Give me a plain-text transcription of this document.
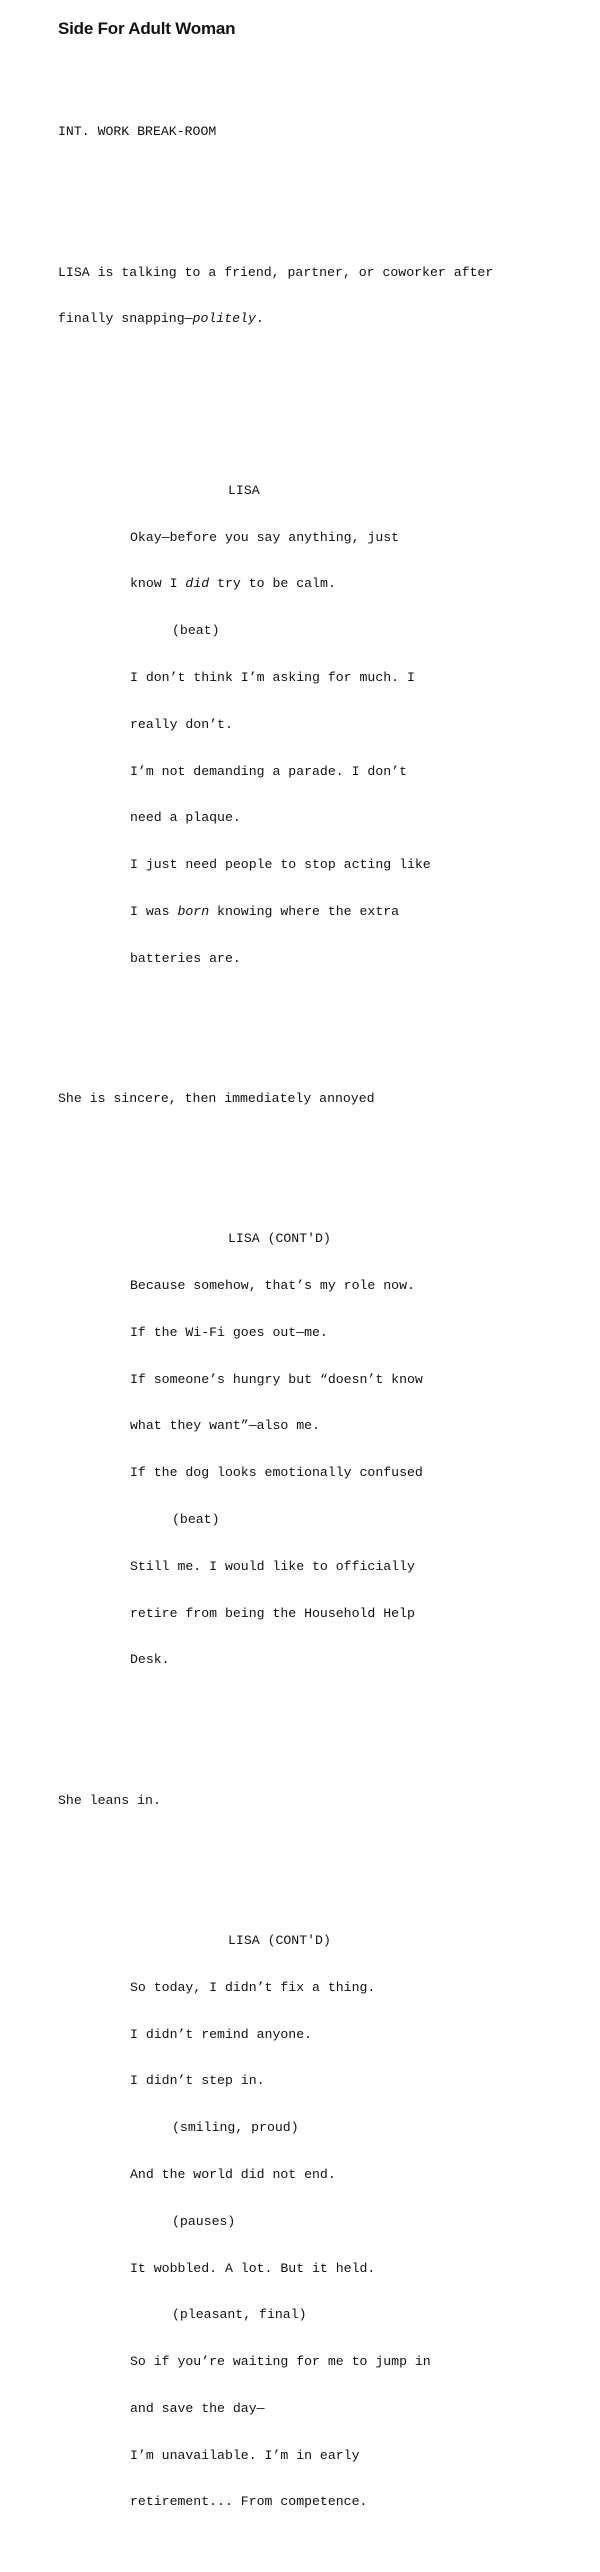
Side For Adult Woman

INT. WORK BREAK-ROOM

LISA is talking to a friend, partner, or coworker after

finally snapping—politely.

LISA

Okay—before you say anything, just

know I did try to be calm.

(beat)

I don’t think I’m asking for much. I

really don’t.

I’m not demanding a parade. I don’t

need a plaque.

I just need people to stop acting like

I was born knowing where the extra

batteries are.

She is sincere, then immediately annoyed

LISA (CONT'D)

Because somehow, that’s my role now.

If the Wi-Fi goes out—me.

If someone’s hungry but “doesn’t know

what they want”—also me.

If the dog looks emotionally confused

(beat)

Still me. I would like to officially

retire from being the Household Help

Desk.

She leans in.

LISA (CONT'D)

So today, I didn’t fix a thing.

I didn’t remind anyone.

I didn’t step in.

(smiling, proud)

And the world did not end.

(pauses)

It wobbled. A lot. But it held.

(pleasant, final)

So if you’re waiting for me to jump in

and save the day—

I’m unavailable. I’m in early

retirement... From competence.
